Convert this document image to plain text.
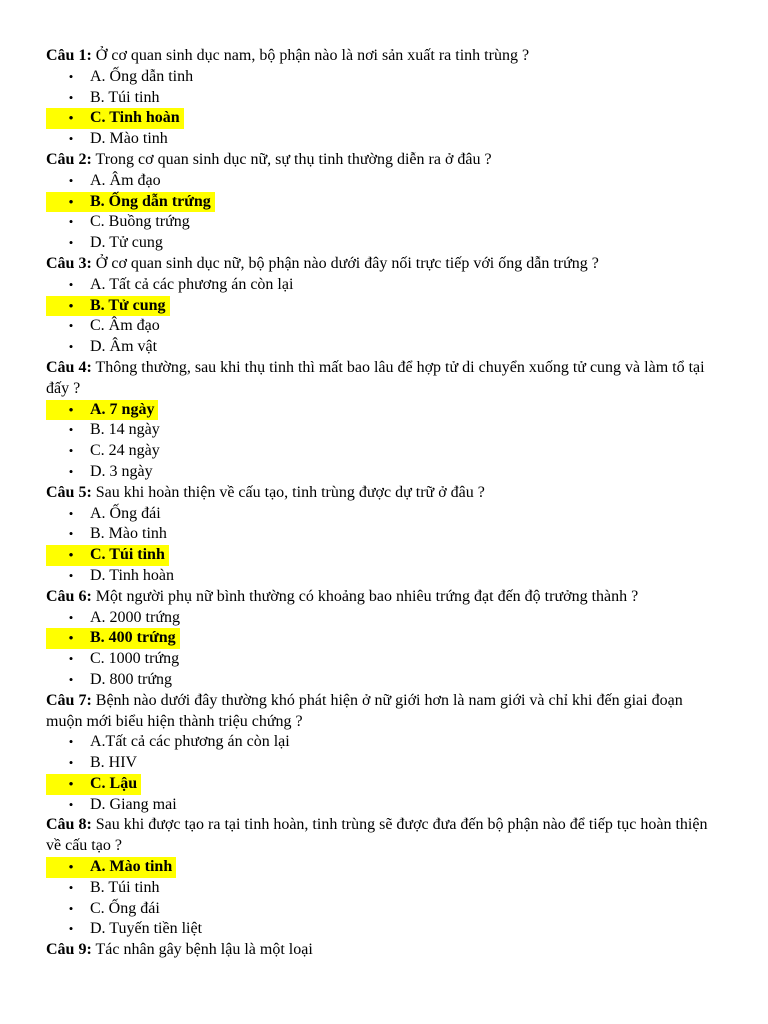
Câu 1: Ở cơ quan sinh dục nam, bộ phận nào là nơi sản xuất ra tinh trùng ?

• A. Ống dẫn tinh
• B. Túi tinh
• C. Tinh hoàn
• D. Mào tinh

Câu 2: Trong cơ quan sinh dục nữ, sự thụ tinh thường diễn ra ở đâu ?

• A. Âm đạo
• B. Ống dẫn trứng
• C. Buồng trứng
• D. Tử cung

Câu 3: Ở cơ quan sinh dục nữ, bộ phận nào dưới đây nối trực tiếp với ống dẫn trứng ?

• A. Tất cả các phương án còn lại
• B. Tử cung
• C. Âm đạo
• D. Âm vật

Câu 4: Thông thường, sau khi thụ tinh thì mất bao lâu để hợp tử di chuyển xuống tử cung và làm tổ tại đấy ?

• A. 7 ngày
• B. 14 ngày
• C. 24 ngày
• D. 3 ngày

Câu 5: Sau khi hoàn thiện về cấu tạo, tinh trùng được dự trữ ở đâu ?

• A. Ống đái
• B. Mào tinh
• C. Túi tinh
• D. Tinh hoàn

Câu 6: Một người phụ nữ bình thường có khoảng bao nhiêu trứng đạt đến độ trưởng thành ?

• A. 2000 trứng
• B. 400 trứng
• C. 1000 trứng
• D. 800 trứng

Câu 7: Bệnh nào dưới đây thường khó phát hiện ở nữ giới hơn là nam giới và chỉ khi đến giai đoạn muộn mới biểu hiện thành triệu chứng ?

• A.Tất cả các phương án còn lại
• B. HIV
• C. Lậu
• D. Giang mai

Câu 8: Sau khi được tạo ra tại tinh hoàn, tinh trùng sẽ được đưa đến bộ phận nào để tiếp tục hoàn thiện về cấu tạo ?

• A. Mào tinh
• B. Túi tinh
• C. Ống đái
• D. Tuyến tiền liệt

Câu 9: Tác nhân gây bệnh lậu là một loại
